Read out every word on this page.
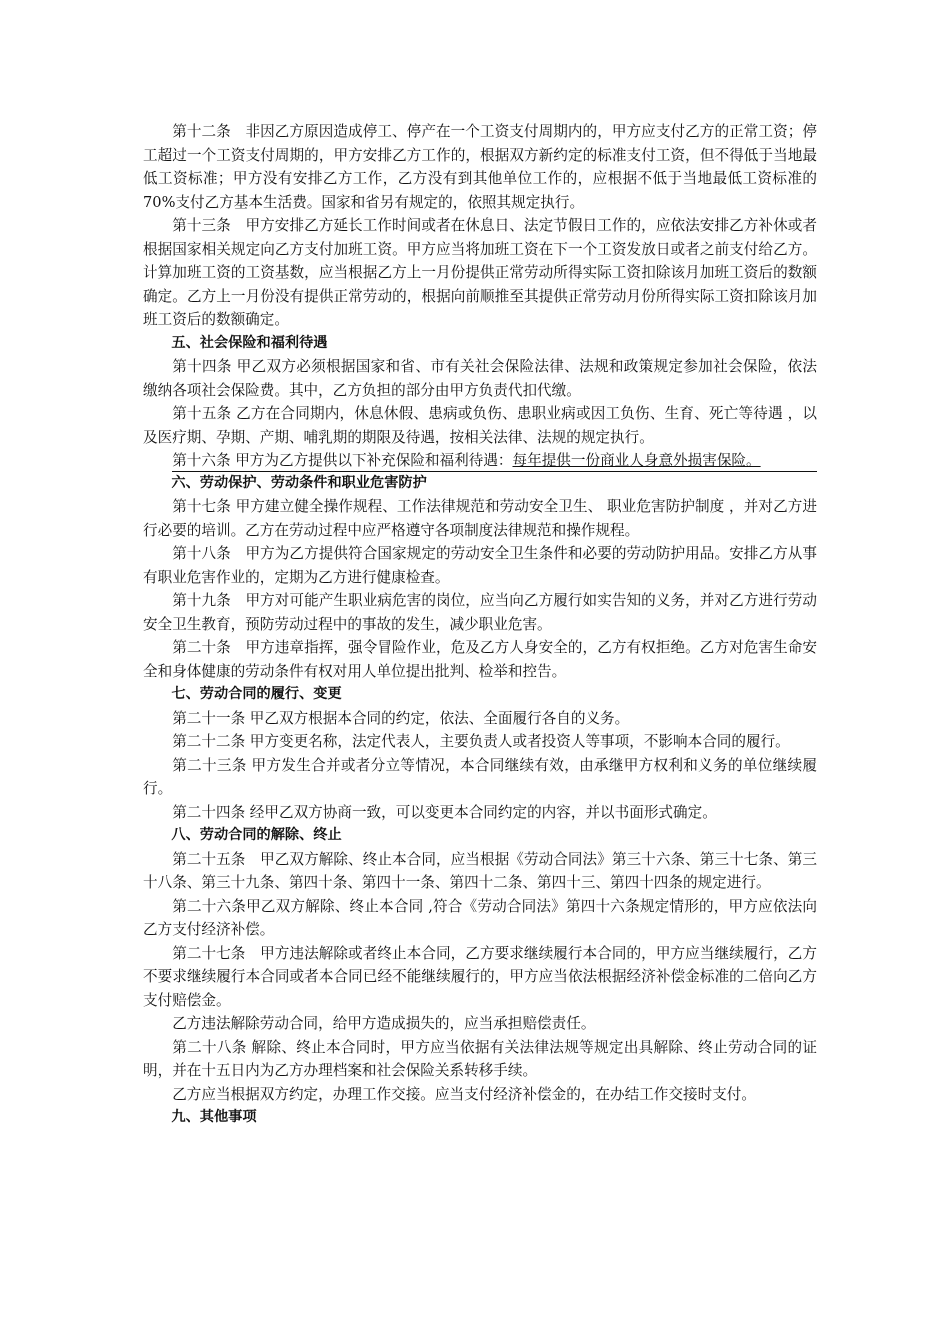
第十二条　非因乙方原因造成停工、停产在一个工资支付周期内的，甲方应支付乙方的正常工资；停工超过一个工资支付周期的，甲方安排乙方工作的，根据双方新约定的标准支付工资，但不得低于当地最低工资标准；甲方没有安排乙方工作，乙方没有到其他单位工作的，应根据不低于当地最低工资标准的 70%支付乙方基本生活费。国家和省另有规定的，依照其规定执行。

第十三条　甲方安排乙方延长工作时间或者在休息日、法定节假日工作的，应依法安排乙方补休或者根据国家相关规定向乙方支付加班工资。甲方应当将加班工资在下一个工资发放日或者之前支付给乙方。计算加班工资的工资基数，应当根据乙方上一月份提供正常劳动所得实际工资扣除该月加班工资后的数额确定。乙方上一月份没有提供正常劳动的，根据向前顺推至其提供正常劳动月份所得实际工资扣除该月加班工资后的数额确定。

五、社会保险和福利待遇

第十四条 甲乙双方必须根据国家和省、市有关社会保险法律、法规和政策规定参加社会保险，依法缴纳各项社会保险费。其中，乙方负担的部分由甲方负责代扣代缴。

第十五条 乙方在合同期内，休息休假、患病或负伤、患职业病或因工负伤、生育、死亡等待遇 ，以及医疗期、孕期、产期、哺乳期的期限及待遇，按相关法律、法规的规定执行。

第十六条 甲方为乙方提供以下补充保险和福利待遇：每年提供一份商业人身意外损害保险。

六、劳动保护、劳动条件和职业危害防护

第十七条 甲方建立健全操作规程、工作法律规范和劳动安全卫生、 职业危害防护制度 ，并对乙方进行必要的培训。乙方在劳动过程中应严格遵守各项制度法律规范和操作规程。

第十八条　甲方为乙方提供符合国家规定的劳动安全卫生条件和必要的劳动防护用品。安排乙方从事有职业危害作业的，定期为乙方进行健康检查。

第十九条　甲方对可能产生职业病危害的岗位，应当向乙方履行如实告知的义务，并对乙方进行劳动安全卫生教育，预防劳动过程中的事故的发生，减少职业危害。

第二十条　甲方违章指挥，强令冒险作业，危及乙方人身安全的，乙方有权拒绝。乙方对危害生命安全和身体健康的劳动条件有权对用人单位提出批判、检举和控告。

七、劳动合同的履行、变更

第二十一条 甲乙双方根据本合同的约定，依法、全面履行各自的义务。

第二十二条 甲方变更名称，法定代表人，主要负责人或者投资人等事项，不影响本合同的履行。

第二十三条 甲方发生合并或者分立等情况，本合同继续有效，由承继甲方权利和义务的单位继续履行。

第二十四条 经甲乙双方协商一致，可以变更本合同约定的内容，并以书面形式确定。

八、劳动合同的解除、终止

第二十五条　甲乙双方解除、终止本合同，应当根据《劳动合同法》第三十六条、第三十七条、第三十八条、第三十九条、第四十条、第四十一条、第四十二条、第四十三、第四十四条的规定进行。

第二十六条甲乙双方解除、终止本合同 ,符合《劳动合同法》第四十六条规定情形的，甲方应依法向乙方支付经济补偿。

第二十七条　甲方违法解除或者终止本合同，乙方要求继续履行本合同的，甲方应当继续履行，乙方不要求继续履行本合同或者本合同已经不能继续履行的，甲方应当依法根据经济补偿金标准的二倍向乙方支付赔偿金。

乙方违法解除劳动合同，给甲方造成损失的，应当承担赔偿责任。

第二十八条 解除、终止本合同时，甲方应当依据有关法律法规等规定出具解除、终止劳动合同的证明，并在十五日内为乙方办理档案和社会保险关系转移手续。

乙方应当根据双方约定，办理工作交接。应当支付经济补偿金的，在办结工作交接时支付。

九、其他事项
